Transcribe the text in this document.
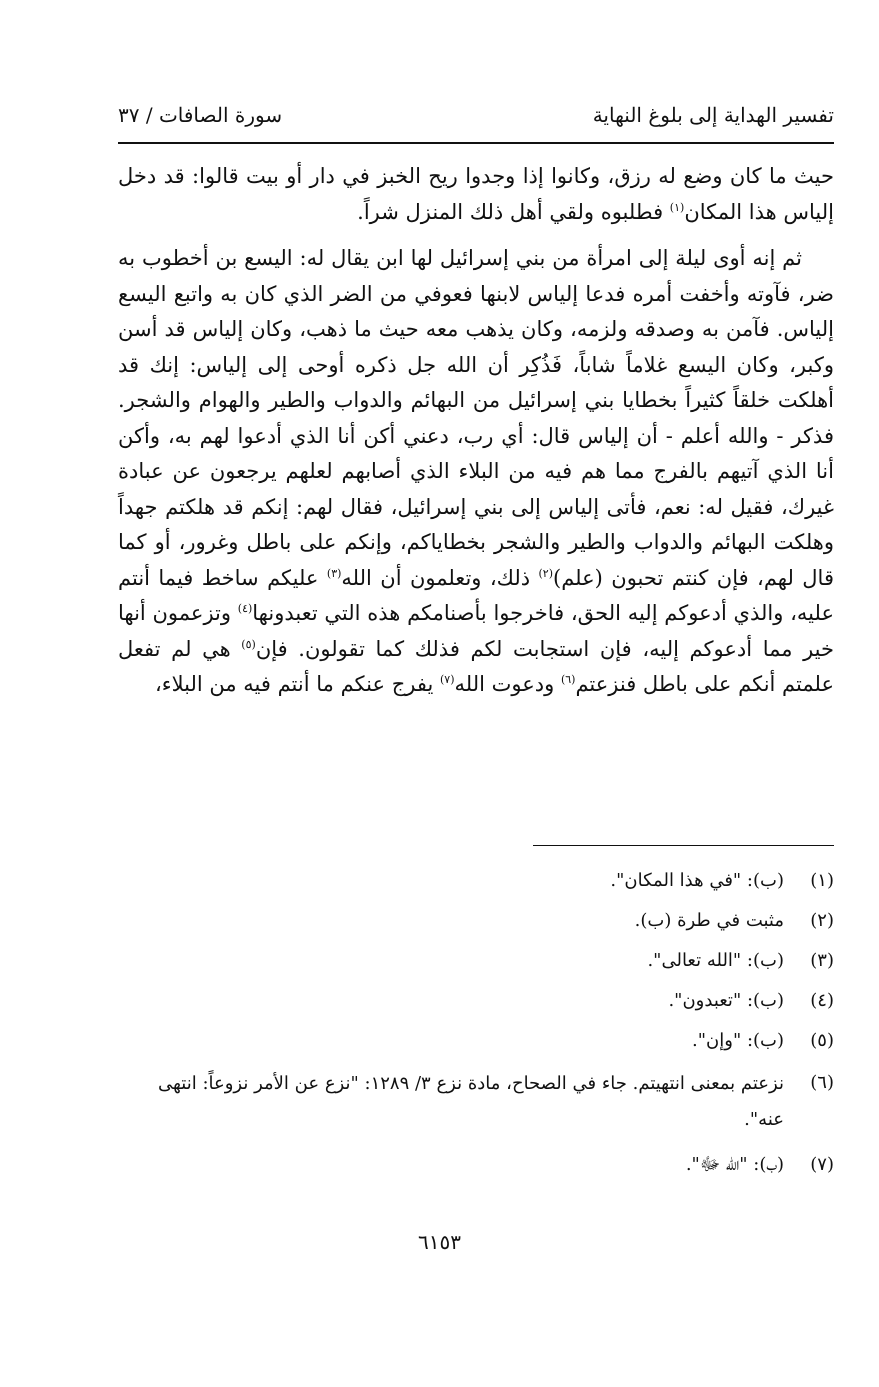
تفسير الهداية إلى بلوغ النهاية
سورة الصافات / ٣٧

حيث ما كان وضع له رزق، وكانوا إذا وجدوا ريح الخبز في دار أو بيت قالوا: قد دخل إلياس هذا المكان$^{(١)}$ فطلبوه ولقي أهل ذلك المنزل شراً.

ثم إنه أوى ليلة إلى امرأة من بني إسرائيل لها ابن يقال له: اليسع بن أخطوب به ضر، فآوته وأخفت أمره فدعا إلياس لابنها فعوفي من الضر الذي كان به واتبع اليسع إلياس. فآمن به وصدقه ولزمه، وكان يذهب معه حيث ما ذهب، وكان إلياس قد أسن وكبر، وكان اليسع غلاماً شاباً، فَذُكِر أن الله جل ذكره أوحى إلى إلياس: إنك قد أهلكت خلقاً كثيراً بخطايا بني إسرائيل من البهائم والدواب والطير والهوام والشجر. فذكر - والله أعلم - أن إلياس قال: أي رب، دعني أكن أنا الذي أدعوا لهم به، وأكن أنا الذي آتيهم بالفرج مما هم فيه من البلاء الذي أصابهم لعلهم يرجعون عن عبادة غيرك، فقيل له: نعم، فأتى إلياس إلى بني إسرائيل، فقال لهم: إنكم قد هلكتم جهداً وهلكت البهائم والدواب والطير والشجر بخطاياكم، وإنكم على باطل وغرور، أو كما قال لهم، فإن كنتم تحبون (علم)$^{(٢)}$ ذلك، وتعلمون أن الله$^{(٣)}$ عليكم ساخط فيما أنتم عليه، والذي أدعوكم إليه الحق، فاخرجوا بأصنامكم هذه التي تعبدونها$^{(٤)}$ وتزعمون أنها خير مما أدعوكم إليه، فإن استجابت لكم فذلك كما تقولون. فإن$^{(٥)}$ هي لم تفعل علمتم أنكم على باطل فنزعتم$^{(٦)}$ ودعوت الله$^{(٧)}$ يفرج عنكم ما أنتم فيه من البلاء،

(١)
(ب): "في هذا المكان".
(٢)
مثبت في طرة (ب).
(٣)
(ب): "الله تعالى".
(٤)
(ب): "تعبدون".
(٥)
(ب): "وإن".
(٦)
نزعتم بمعنى انتهيتم. جاء في الصحاح، مادة نزع ٣/ ١٢٨٩: "نزع عن الأمر نزوعاً: انتهى عنه".
(٧)
(ب): "الله ﷻ".
٦١٥٣
